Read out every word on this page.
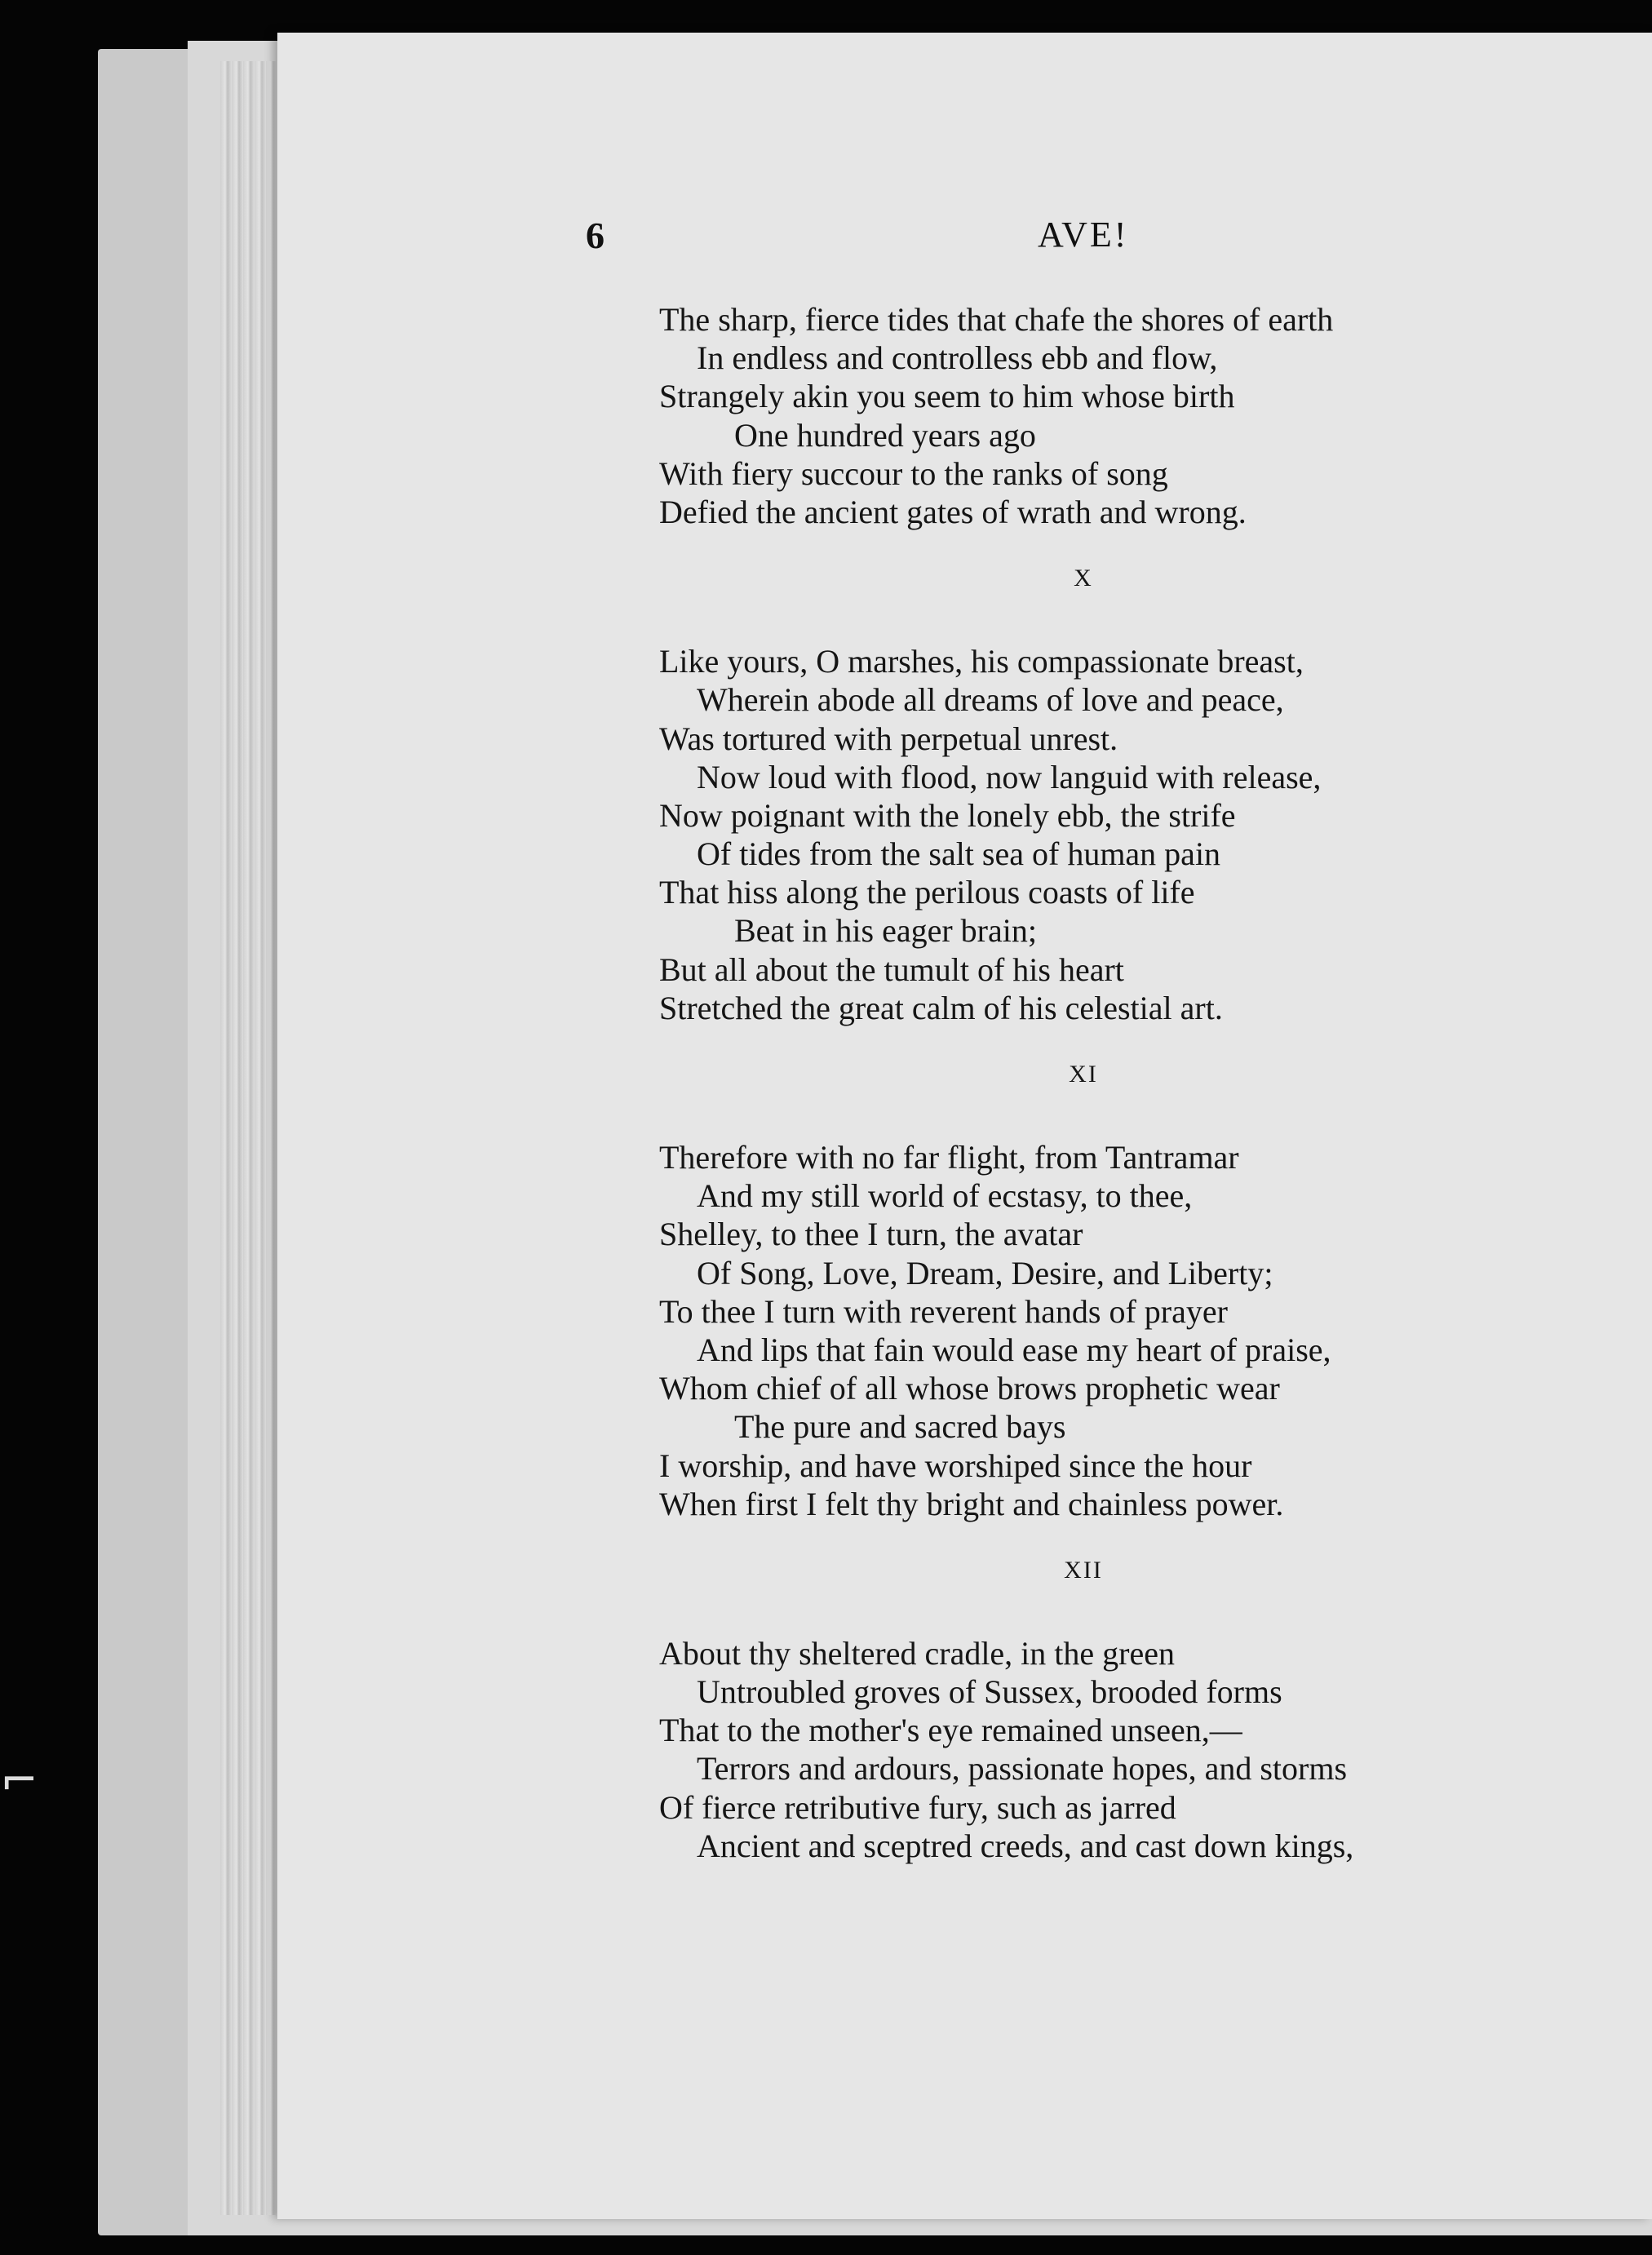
⌐
6	AVE!
The sharp, fierce tides that chafe the shores of earth
In endless and controlless ebb and flow,
Strangely akin you seem to him whose birth
One hundred years ago
With fiery succour to the ranks of song
Defied the ancient gates of wrath and wrong.
X
Like yours, O marshes, his compassionate breast,
Wherein abode all dreams of love and peace,
Was tortured with perpetual unrest.
Now loud with flood, now languid with release,
Now poignant with the lonely ebb, the strife
Of tides from the salt sea of human pain
That hiss along the perilous coasts of life
Beat in his eager brain;
But all about the tumult of his heart
Stretched the great calm of his celestial art.
XI
Therefore with no far flight, from Tantramar
And my still world of ecstasy, to thee,
Shelley, to thee I turn, the avatar
Of Song, Love, Dream, Desire, and Liberty;
To thee I turn with reverent hands of prayer
And lips that fain would ease my heart of praise,
Whom chief of all whose brows prophetic wear
The pure and sacred bays
I worship, and have worshiped since the hour
When first I felt thy bright and chainless power.
XII
About thy sheltered cradle, in the green
Untroubled groves of Sussex, brooded forms
That to the mother's eye remained unseen,—
Terrors and ardours, passionate hopes, and storms
Of fierce retributive fury, such as jarred
Ancient and sceptred creeds, and cast down kings,
